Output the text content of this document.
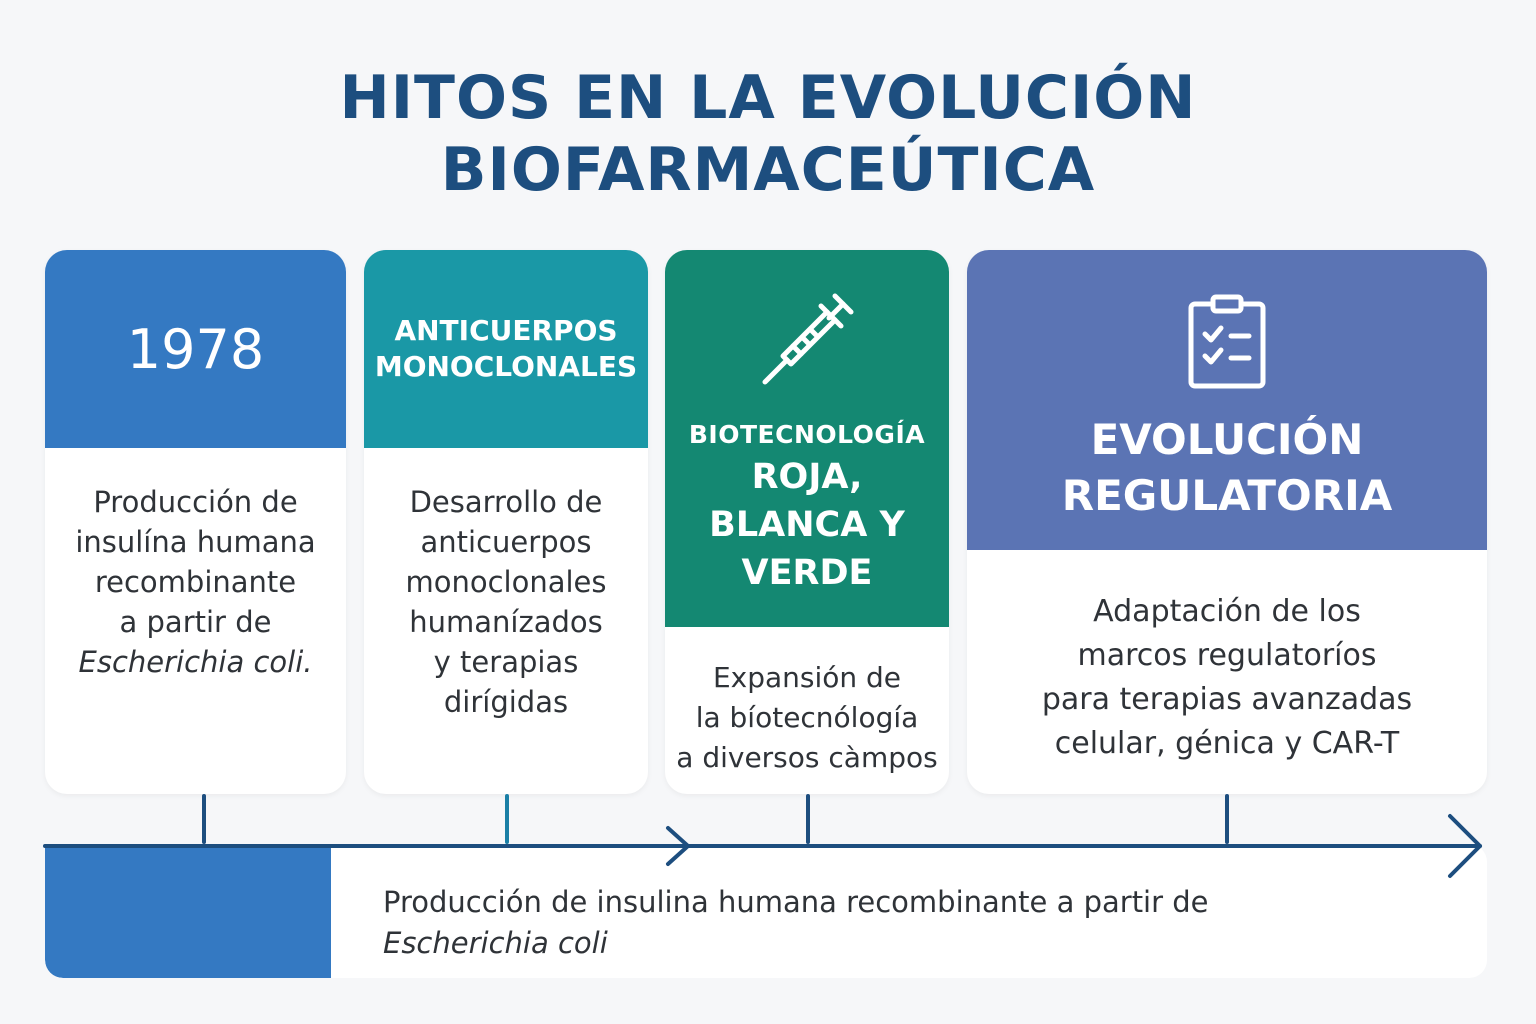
HITOS EN LA EVOLUCIÓN
BIOFARMACEÚTICA
1978
Producción de
insulína humana
recombinante
a partir de
Escherichia coli.
ANTICUERPOS
MONOCLONALES
Desarrollo de
anticuerpos
monoclonales
humanízados
y terapias
dirígidas
BIOTECNOLOGÍA
ROJA,
BLANCA Y
VERDE
Expansión de
la bíotecnólogía
a diversos càmpos
EVOLUCIÓN
REGULATORIA
Adaptación de los
marcos regulatoríos
para terapias avanzadas
celular, génica y CAR-T
Producción de insulina humana recombinante a partir de
Escherichia coli
